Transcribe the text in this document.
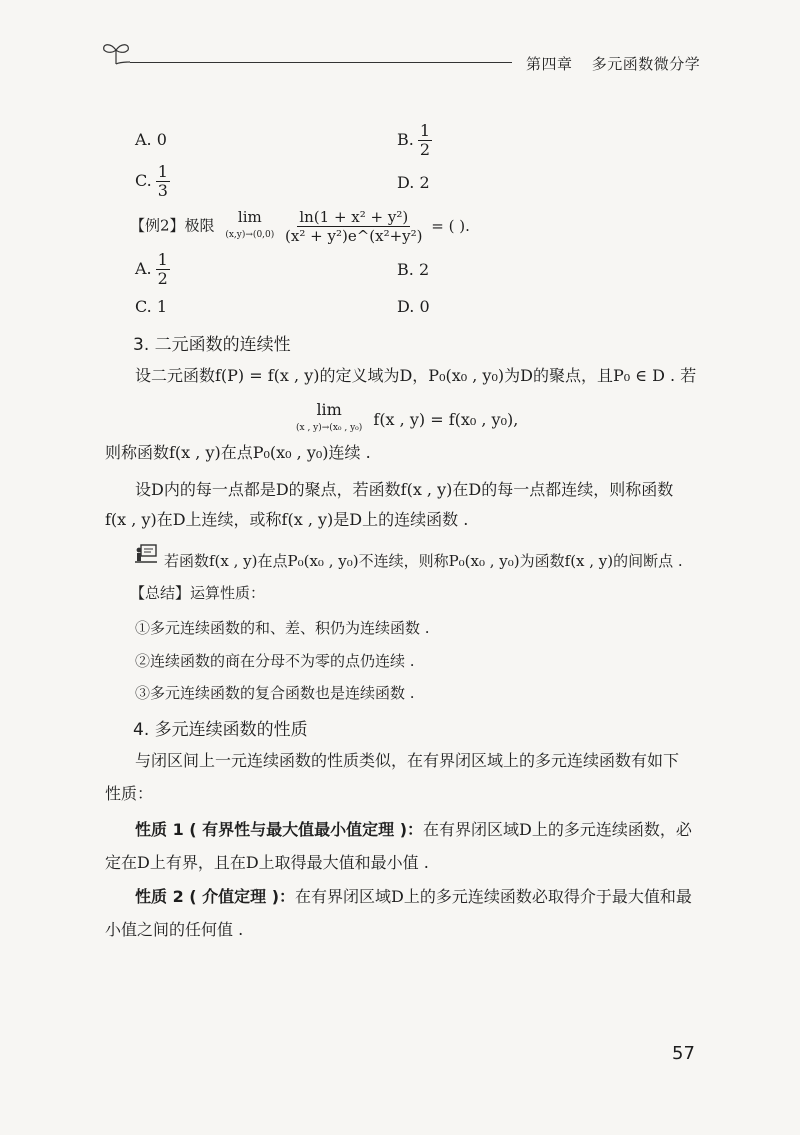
第四章 多元函数微分学
A. 0	B. $\frac{1}{2}$
C. $\frac{1}{3}$	D. 2
【例2】极限 lim
(x,y)→(0,0)
$\frac{\text{ln(1 + x² + y²)}}{\text{(x² + y²)e\textasciicircum{}(x²+y²)}}$ = ( ).
A. $\frac{1}{2}$	B. 2
C. 1	D. 0
3. 二元函数的连续性
设二元函数f(P) = f(x , y)的定义域为D，P₀(x₀ , y₀)为D的聚点，且P₀ ∈ D . 若
lim
(x , y)→(x₀ , y₀) f(x , y) = f(x₀ , y₀),
则称函数f(x , y)在点P₀(x₀ , y₀)连续 .
设D内的每一点都是D的聚点，若函数f(x , y)在D的每一点都连续，则称函数
f(x , y)在D上连续，或称f(x , y)是D上的连续函数 .
若函数f(x , y)在点P₀(x₀ , y₀)不连续，则称P₀(x₀ , y₀)为函数f(x , y)的间断点 .
【总结】运算性质：
①多元连续函数的和、差、积仍为连续函数 .
②连续函数的商在分母不为零的点仍连续 .
③多元连续函数的复合函数也是连续函数 .
4. 多元连续函数的性质
与闭区间上一元连续函数的性质类似，在有界闭区域上的多元连续函数有如下
性质：
性质 1 ( 有界性与最大值最小值定理 )：在有界闭区域D上的多元连续函数，必
定在D上有界，且在D上取得最大值和最小值 .
性质 2 ( 介值定理 )：在有界闭区域D上的多元连续函数必取得介于最大值和最
小值之间的任何值 .
57
